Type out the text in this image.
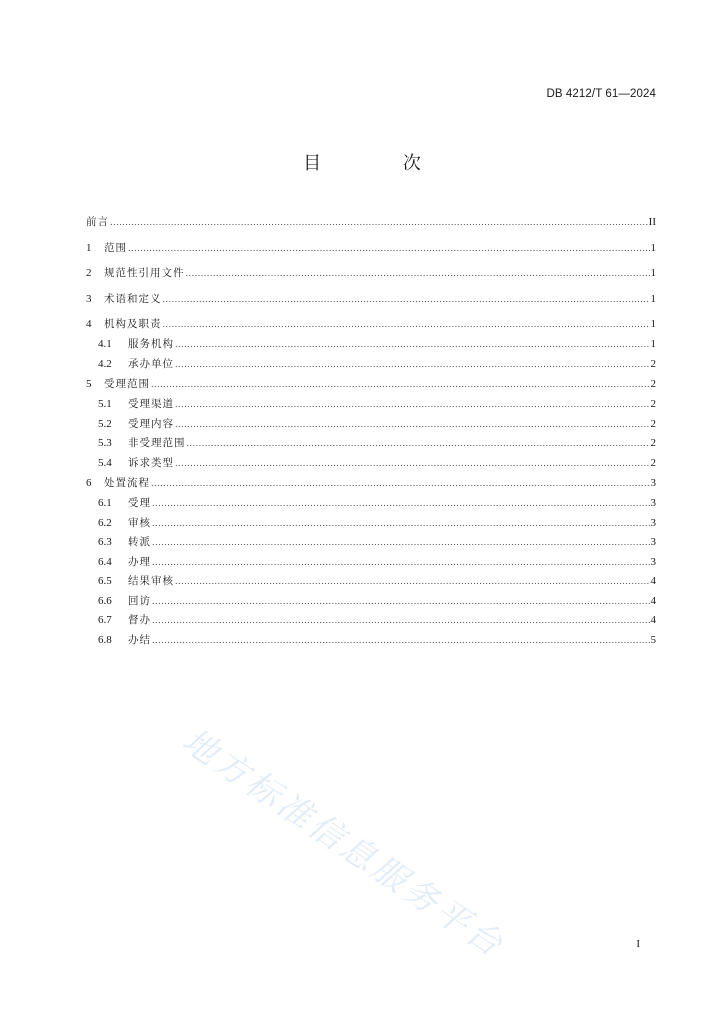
DB 4212/T 61—2024
目 次
前言 .....	II
1	范围 .....	1
2	规范性引用文件 .....	1
3	术语和定义 .....	1
4	机构及职责 .....	1
4.1	服务机构 .....	1
4.2	承办单位 .....	2
5	受理范围 .....	2
5.1	受理渠道 .....	2
5.2	受理内容 .....	2
5.3	非受理范围 .....	2
5.4	诉求类型 .....	2
6	处置流程 .....	3
6.1	受理 .....	3
6.2	审核 .....	3
6.3	转派 .....	3
6.4	办理 .....	3
6.5	结果审核 .....	4
6.6	回访 .....	4
6.7	督办 .....	4
6.8	办结 .....	5
I
地方标准信息服务平台
